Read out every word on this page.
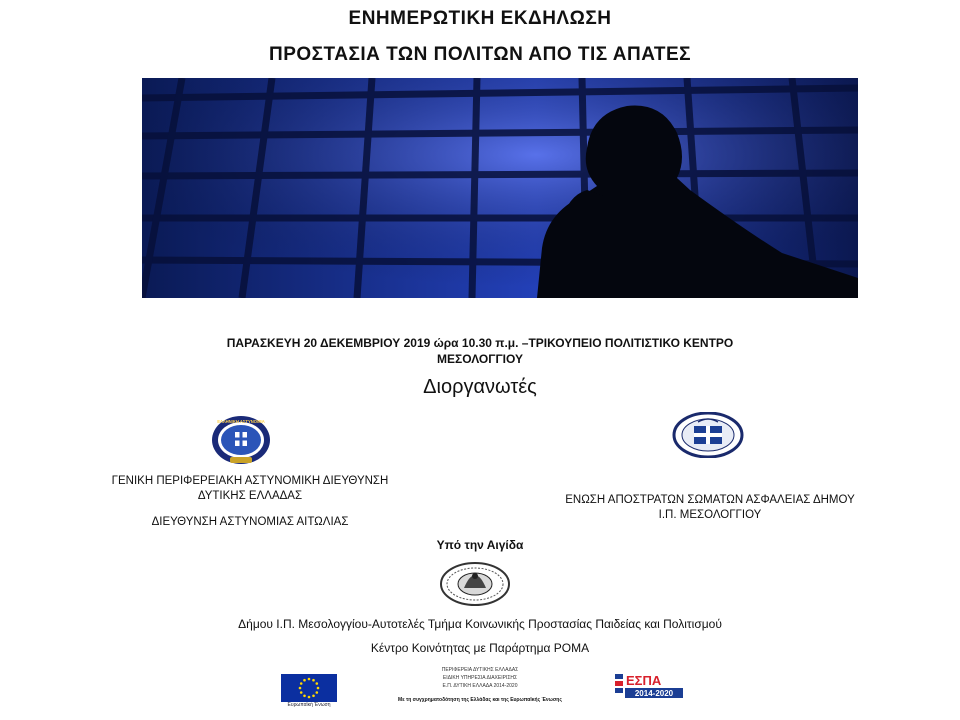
ΕΝΗΜΕΡΩΤΙΚΗ ΕΚΔΗΛΩΣΗ
ΠΡΟΣΤΑΣΙΑ ΤΩΝ ΠΟΛΙΤΩΝ ΑΠΟ ΤΙΣ ΑΠΑΤΕΣ
ΠΑΡΑΣΚΕΥΗ 20 ΔΕΚΕΜΒΡΙΟΥ 2019 ώρα 10.30 π.μ. –ΤΡΙΚΟΥΠΕΙΟ ΠΟΛΙΤΙΣΤΙΚΟ ΚΕΝΤΡΟ
ΜΕΣΟΛΟΓΓΙΟΥ
Διοργανωτές
ΕΛΛΗΝΙΚΗ ΑΣΤΥΝΟΜΙΑ
ΓΕΝΙΚΗ ΠΕΡΙΦΕΡΕΙΑΚΗ ΑΣΤΥΝΟΜΙΚΗ ΔΙΕΥΘΥΝΣΗ
ΔΥΤΙΚΗΣ ΕΛΛΑΔΑΣ
ΔΙΕΥΘΥΝΣΗ ΑΣΤΥΝΟΜΙΑΣ ΑΙΤΩΛΙΑΣ
ΕΝΩΣΗ ΑΠΟΣΤΡΑΤΩΝ ΣΩΜΑΤΩΝ ΑΣΦΑΛΕΙΑΣ ΔΗΜΟΥ
Ι.Π. ΜΕΣΟΛΟΓΓΙΟΥ
Υπό την Αιγίδα
Δήμου Ι.Π. Μεσολογγίου-Αυτοτελές Τμήμα Κοινωνικής Προστασίας Παιδείας και Πολιτισμού
Κέντρο Κοινότητας με Παράρτημα ΡΟΜΑ
Ευρωπαϊκή Ένωση
ΠΕΡΙΦΕΡΕΙΑ ΔΥΤΙΚΗΣ ΕΛΛΑΔΑΣ
ΕΙΔΙΚΗ ΥΠΗΡΕΣΙΑ ΔΙΑΧΕΙΡΙΣΗΣ
Ε.Π. ΔΥΤΙΚΗ ΕΛΛΑΔΑ 2014-2020
Με τη συγχρηματοδότηση της Ελλάδας και της Ευρωπαϊκής Ένωσης
ΕΣΠΑ
2014-2020
